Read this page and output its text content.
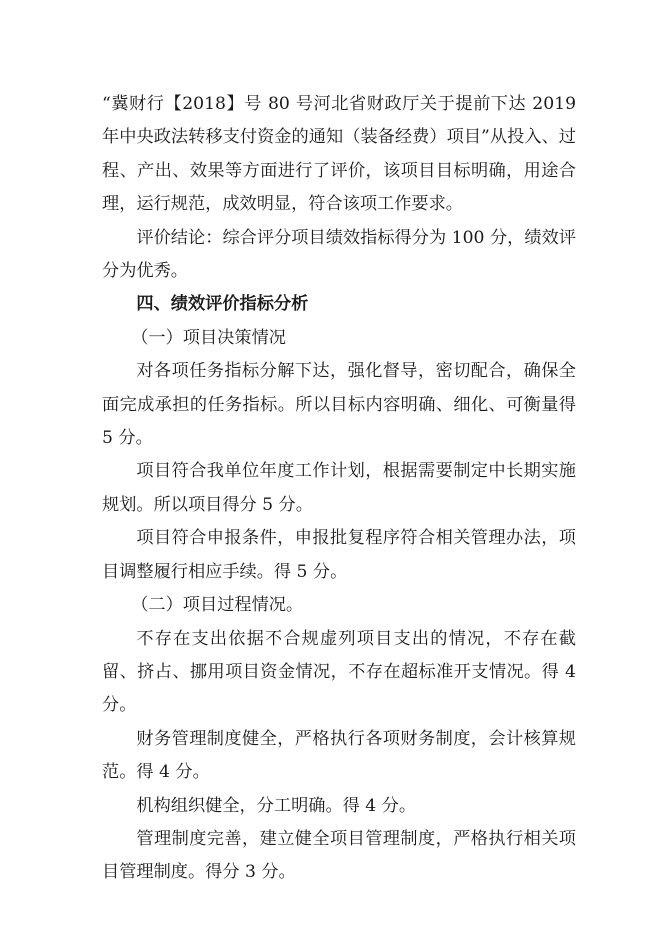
“冀财行【2018】号 80 号河北省财政厅关于提前下达 2019 年中央政法转移支付资金的通知（装备经费）项目”从投入、过程、产出、效果等方面进行了评价，该项目目标明确，用途合理，运行规范，成效明显，符合该项工作要求。

评价结论：综合评分项目绩效指标得分为 100 分，绩效评分为优秀。

四、绩效评价指标分析

（一）项目决策情况

对各项任务指标分解下达，强化督导，密切配合，确保全面完成承担的任务指标。所以目标内容明确、细化、可衡量得 5 分。

项目符合我单位年度工作计划，根据需要制定中长期实施规划。所以项目得分 5 分。

项目符合申报条件，申报批复程序符合相关管理办法，项目调整履行相应手续。得 5 分。

（二）项目过程情况。

不存在支出依据不合规虚列项目支出的情况，不存在截留、挤占、挪用项目资金情况，不存在超标准开支情况。得 4 分。

财务管理制度健全，严格执行各项财务制度，会计核算规范。得 4 分。

机构组织健全，分工明确。得 4 分。

管理制度完善，建立健全项目管理制度，严格执行相关项目管理制度。得分 3 分。
